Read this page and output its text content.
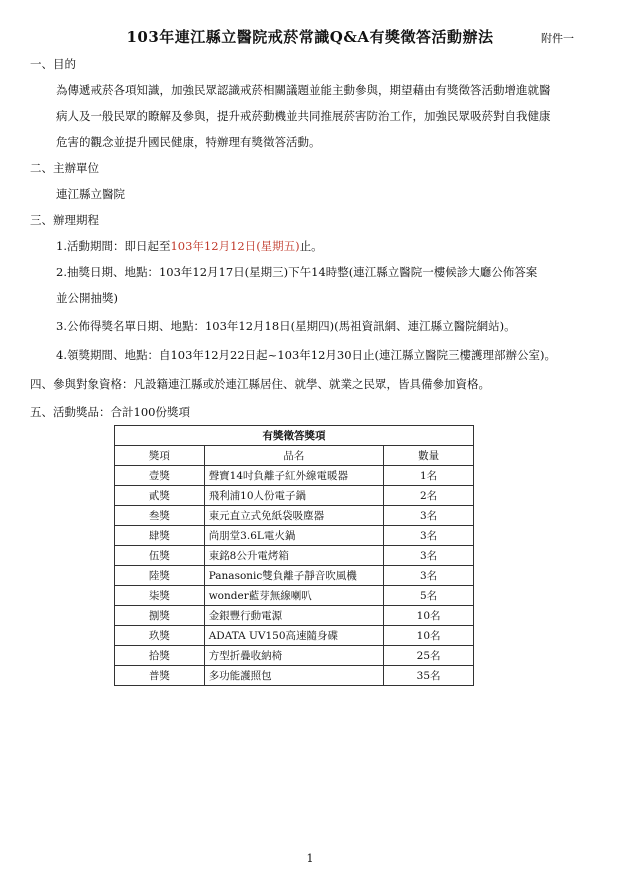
103年連江縣立醫院戒菸常識Q&A有獎徵答活動辦法	附件一
一、目的
為傳遞戒菸各項知識，加強民眾認識戒菸相關議題並能主動參與，期望藉由有獎徵答活動增進就醫
病人及一般民眾的瞭解及參與，提升戒菸動機並共同推展菸害防治工作，加強民眾吸菸對自我健康
危害的觀念並提升國民健康，特辦理有獎徵答活動。
二、主辦單位
連江縣立醫院
三、辦理期程
1.活動期間：即日起至103年12月12日(星期五)止。
2.抽獎日期、地點：103年12月17日(星期三)下午14時整(連江縣立醫院一樓候診大廳公佈答案
並公開抽獎)
3.公佈得獎名單日期、地點：103年12月18日(星期四)(馬祖資訊網、連江縣立醫院網站)。
4.領獎期間、地點：自103年12月22日起~103年12月30日止(連江縣立醫院三樓護理部辦公室)。
四、參與對象資格：凡設籍連江縣或於連江縣居住、就學、就業之民眾，皆具備參加資格。
五、活動獎品：合計100份獎項
有獎徵答獎項		
獎項	品名	數量
壹獎	聲寶14吋負離子紅外線電暖器	1名
貳獎	飛利浦10人份電子鍋	2名
叁獎	東元直立式免紙袋吸塵器	3名
肆獎	尚朋堂3.6L電火鍋	3名
伍獎	東銘8公升電烤箱	3名
陸獎	Panasonic雙負離子靜音吹風機	3名
柒獎	wonder藍芽無線喇叭	5名
捌獎	金銀豐行動電源	10名
玖獎	ADATA UV150高速隨身碟	10名
拾獎	方型折疊收納椅	25名
普獎	多功能護照包	35名
1
